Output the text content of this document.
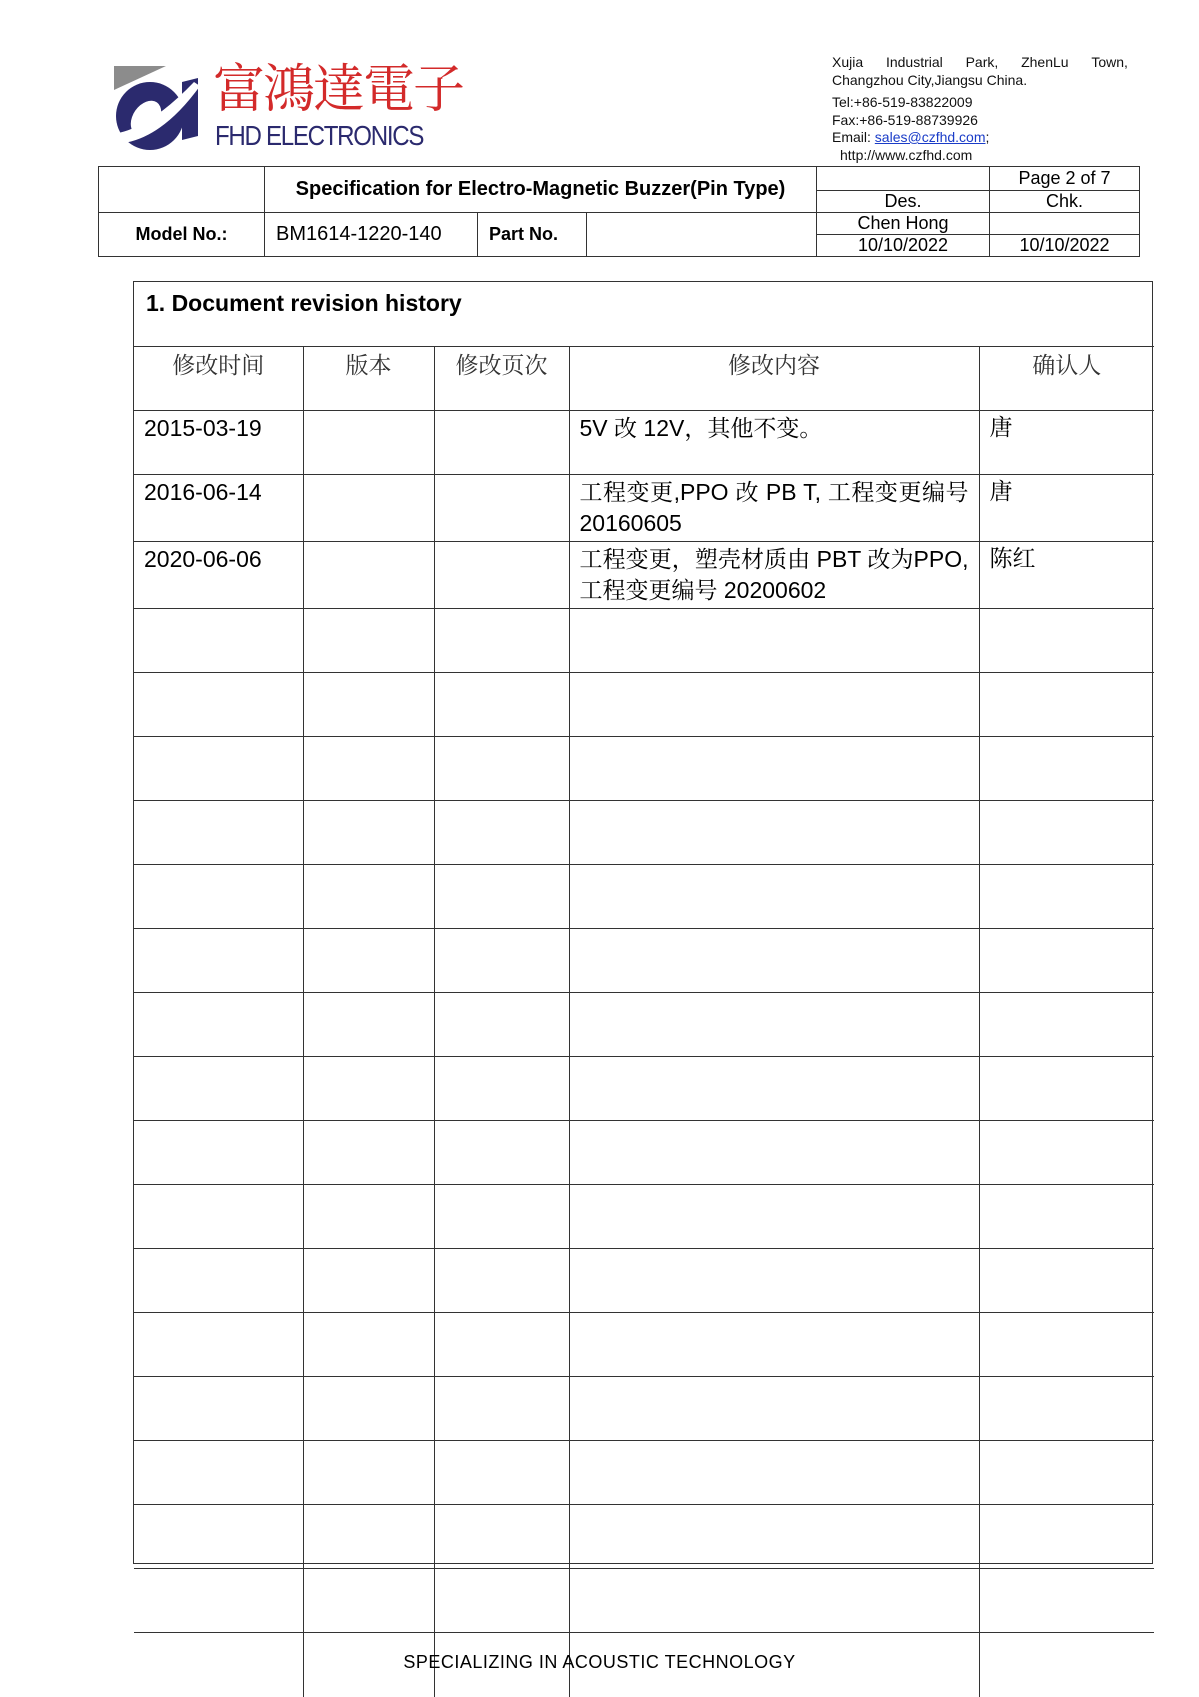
富鴻達電子
FHD ELECTRONICS
Xujia Industrial Park, ZhenLu Town,
Changzhou City,Jiangsu China.
Tel:+86-519-83822009
Fax:+86-519-88739926
Email: sales@czfhd.com;
http://www.czfhd.com
Specification for Electro-Magnetic Buzzer(Pin Type)
Model No.:	BM1614-1220-140	Part No.
Page 2 of 7
Des.	Chk.
Chen Hong
10/10/2022	10/10/2022
1. Document revision history
修改时间	版本	修改页次	修改内容	确认人
2015-03-19			5V 改 12V，其他不变。	唐
2016-06-14			工程变更,PPO 改 PB T, 工程变更编号 20160605	唐
2020-06-06			工程变更，塑壳材质由 PBT 改为PPO,工程变更编号 20200602	陈红

SPECIALIZING IN ACOUSTIC TECHNOLOGY
